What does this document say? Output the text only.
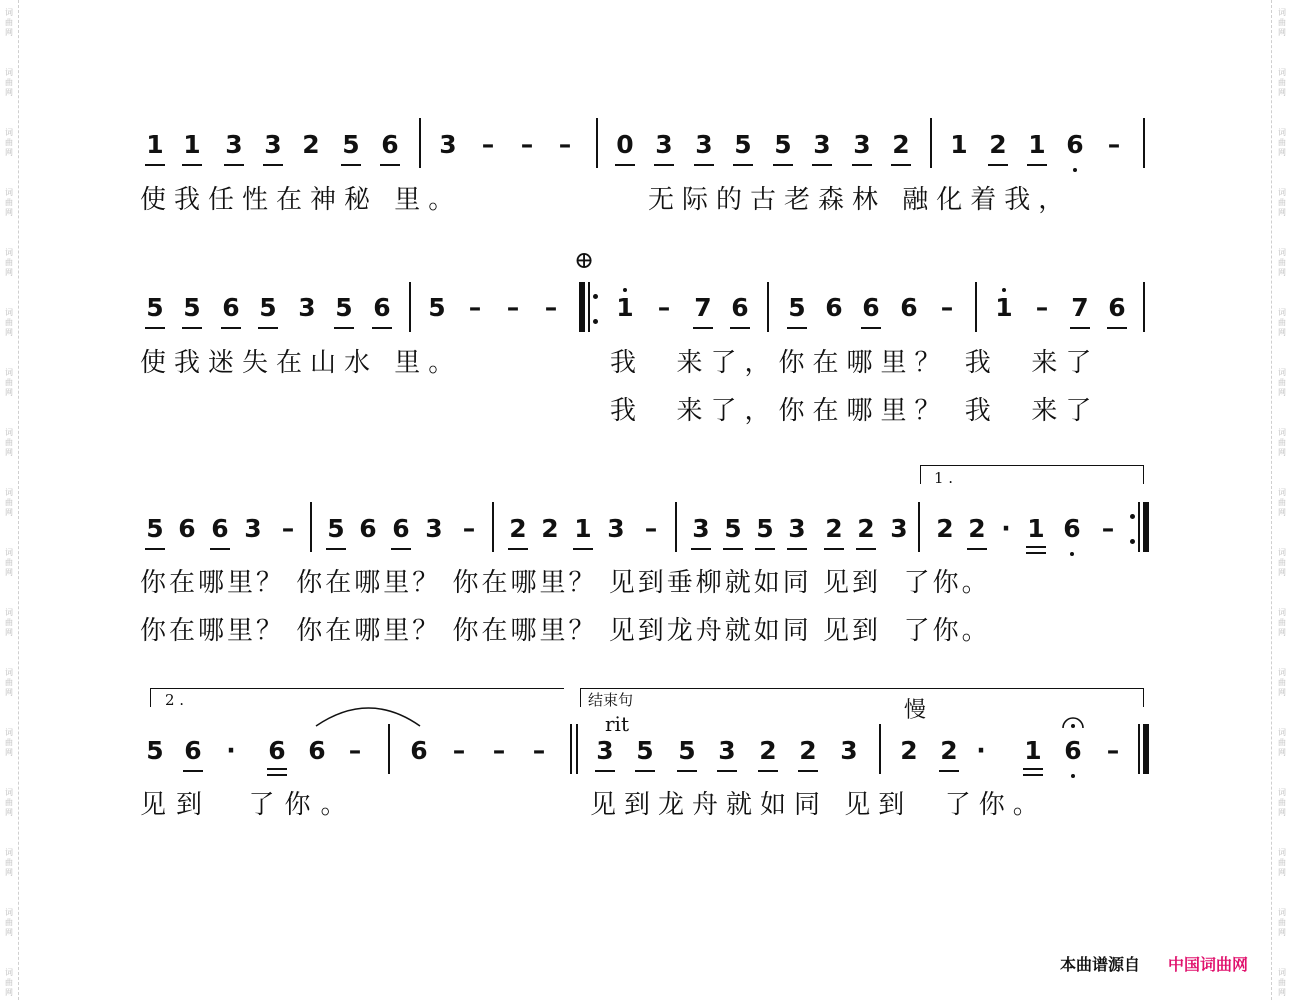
词
曲
网
词
曲
网
词
曲
网
词
曲
网
词
曲
网
词
曲
网
词
曲
网
词
曲
网
词
曲
网
词
曲
网
词
曲
网
词
曲
网
词
曲
网
词
曲
网
词
曲
网
词
曲
网
词
曲
网
词
曲
网
词
曲
网
词
曲
网
词
曲
网
词
曲
网
词
曲
网
词
曲
网
词
曲
网
词
曲
网
词
曲
网
词
曲
网
词
曲
网
词
曲
网
词
曲
网
词
曲
网
词
曲
网
词
曲
网
1 1 3 3 2 5 6 3	–	–	–	0 3 3 5 5 3 3 2 1 2 1 6 –
使我任性在神秘 里。	无际的古老森林 融化着我，
⊕
5 5 6 5 3 5 6 5 –	–	–	1 – 7 6 5 6 6 6 –	1 – 7 6
使我迷失在山水 里。	我  来了，你在哪里？ 我  来了
我  来了，你在哪里？ 我  来了
1 .
5 6 6 3 –	5 6 6 3 –	2 2 1 3 –	3 5 5 3 2 2 3 2 2 · 1 6 –
你在哪里？ 你在哪里？ 你在哪里？ 见到垂柳就如同 见到  了你。
你在哪里？ 你在哪里？ 你在哪里？ 见到龙舟就如同 见到  了你。
2 .	结束句
rit
慢
5 6 ·	6 6 –	6	–	–	–	3 5 5 3 2 2 3 2 2 ·	1 6	–
见到  了你。	见到龙舟就如同 见到  了你。
本曲谱源自 中国词曲网
